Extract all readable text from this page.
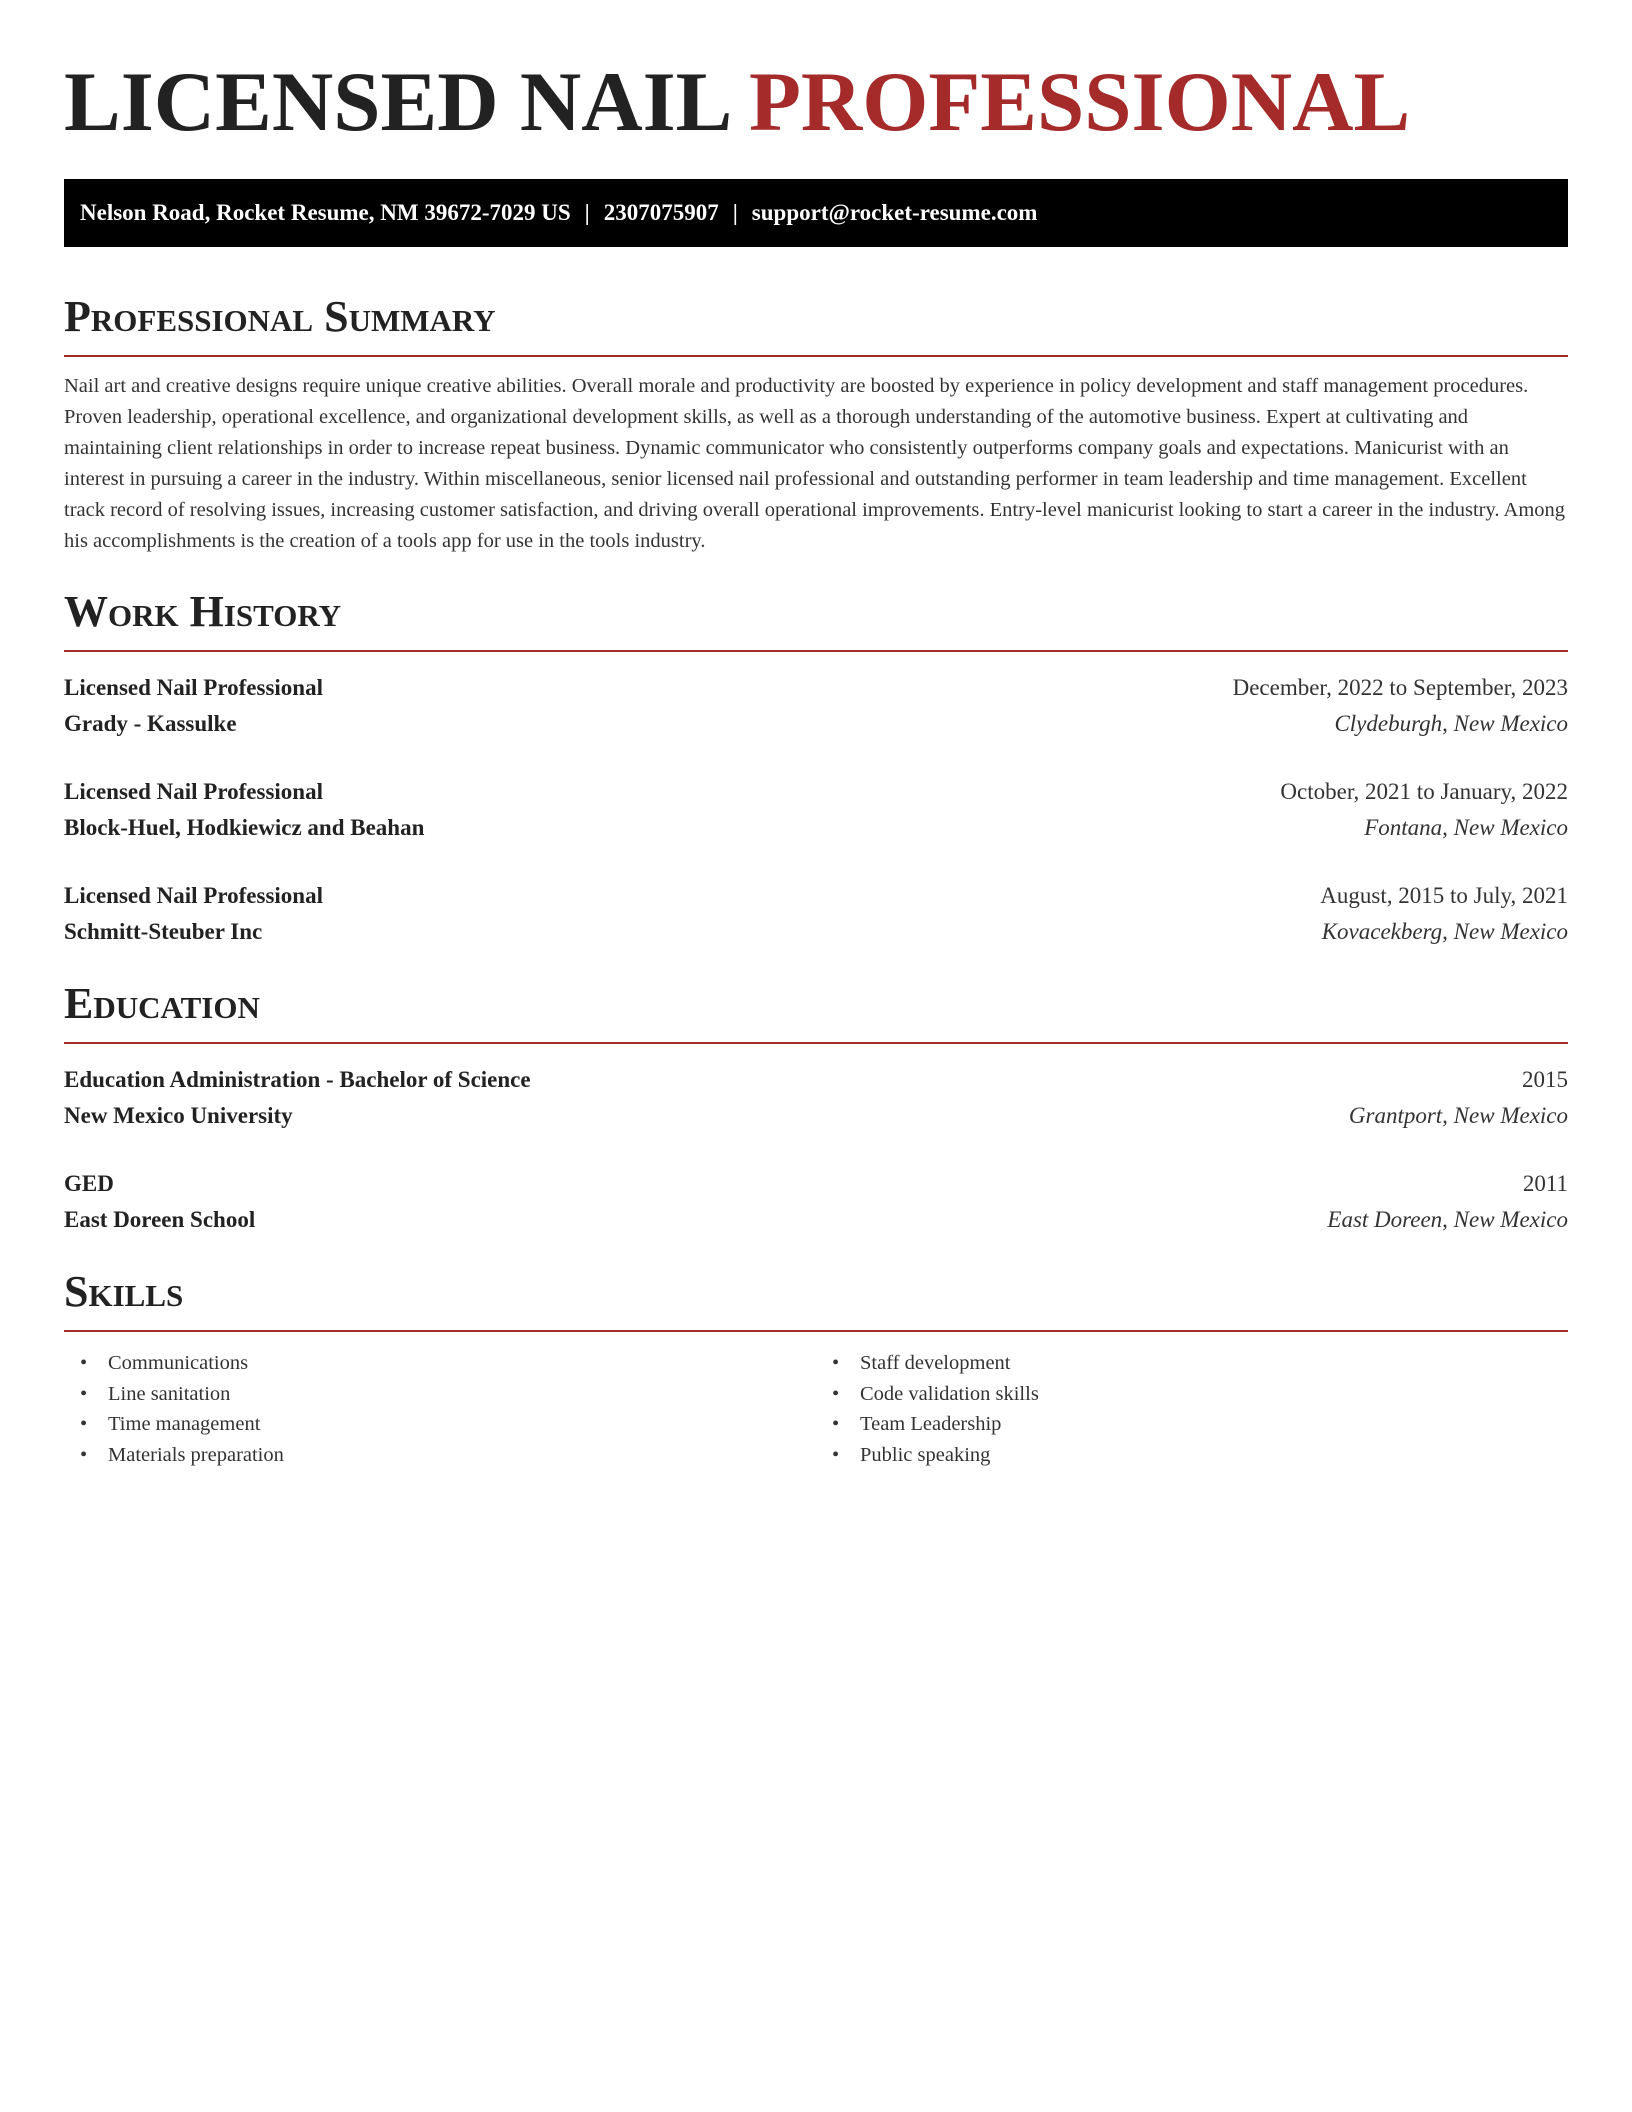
LICENSED NAIL PROFESSIONAL
Nelson Road, Rocket Resume, NM 39672-7029 US | 2307075907 | support@rocket-resume.com
Professional Summary

Nail art and creative designs require unique creative abilities. Overall morale and productivity are boosted by experience in policy development and staff management procedures. Proven leadership, operational excellence, and organizational development skills, as well as a thorough understanding of the automotive business. Expert at cultivating and maintaining client relationships in order to increase repeat business. Dynamic communicator who consistently outperforms company goals and expectations. Manicurist with an interest in pursuing a career in the industry. Within miscellaneous, senior licensed nail professional and outstanding performer in team leadership and time management. Excellent track record of resolving issues, increasing customer satisfaction, and driving overall operational improvements. Entry-level manicurist looking to start a career in the industry. Among his accomplishments is the creation of a tools app for use in the tools industry.

Work History
Licensed Nail Professional	December, 2022 to September, 2023
Grady - Kassulke	Clydeburgh, New Mexico
Licensed Nail Professional	October, 2021 to January, 2022
Block-Huel, Hodkiewicz and Beahan	Fontana, New Mexico
Licensed Nail Professional	August, 2015 to July, 2021
Schmitt-Steuber Inc	Kovacekberg, New Mexico
Education
Education Administration - Bachelor of Science	2015
New Mexico University	Grantport, New Mexico
GED	2011
East Doreen School	East Doreen, New Mexico
Skills
• Communications
• Line sanitation
• Time management
• Materials preparation
• Staff development
• Code validation skills
• Team Leadership
• Public speaking
